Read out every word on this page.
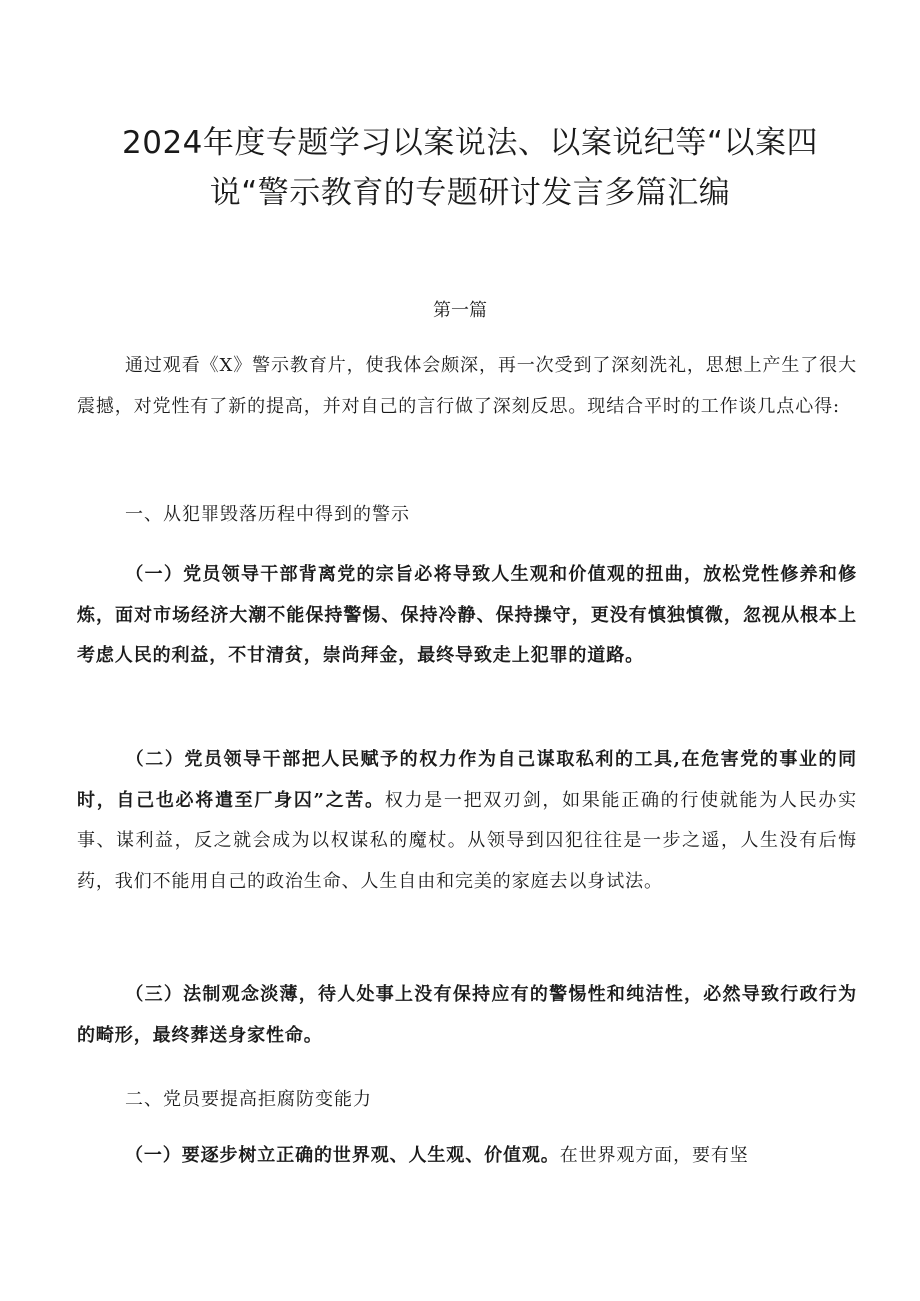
2024年度专题学习以案说法、以案说纪等“以案四
说“警示教育的专题研讨发言多篇汇编

第一篇

通过观看《X》警示教育片，使我体会颇深，再一次受到了深刻洗礼，思想上产生了很大震撼，对党性有了新的提高，并对自己的言行做了深刻反思。现结合平时的工作谈几点心得:

一、从犯罪毁落历程中得到的警示

（一）党员领导干部背离党的宗旨必将导致人生观和价值观的扭曲，放松党性修养和修炼，面对市场经济大潮不能保持警惕、保持冷静、保持操守，更没有慎独慎微，忽视从根本上考虑人民的利益，不甘清贫，崇尚拜金，最终导致走上犯罪的道路。

（二）党员领导干部把人民赋予的权力作为自己谋取私利的工具,在危害党的事业的同时，自己也必将遣至厂身囚”之苦。权力是一把双刃剑，如果能正确的行使就能为人民办实事、谋利益，反之就会成为以权谋私的魔杖。从领导到囚犯往往是一步之遥，人生没有后悔药，我们不能用自己的政治生命、人生自由和完美的家庭去以身试法。

（三）法制观念淡薄，待人处事上没有保持应有的警惕性和纯洁性，必然导致行政行为的畸形，最终葬送身家性命。

二、党员要提高拒腐防变能力

（一）要逐步树立正确的世界观、人生观、价值观。在世界观方面，要有坚
